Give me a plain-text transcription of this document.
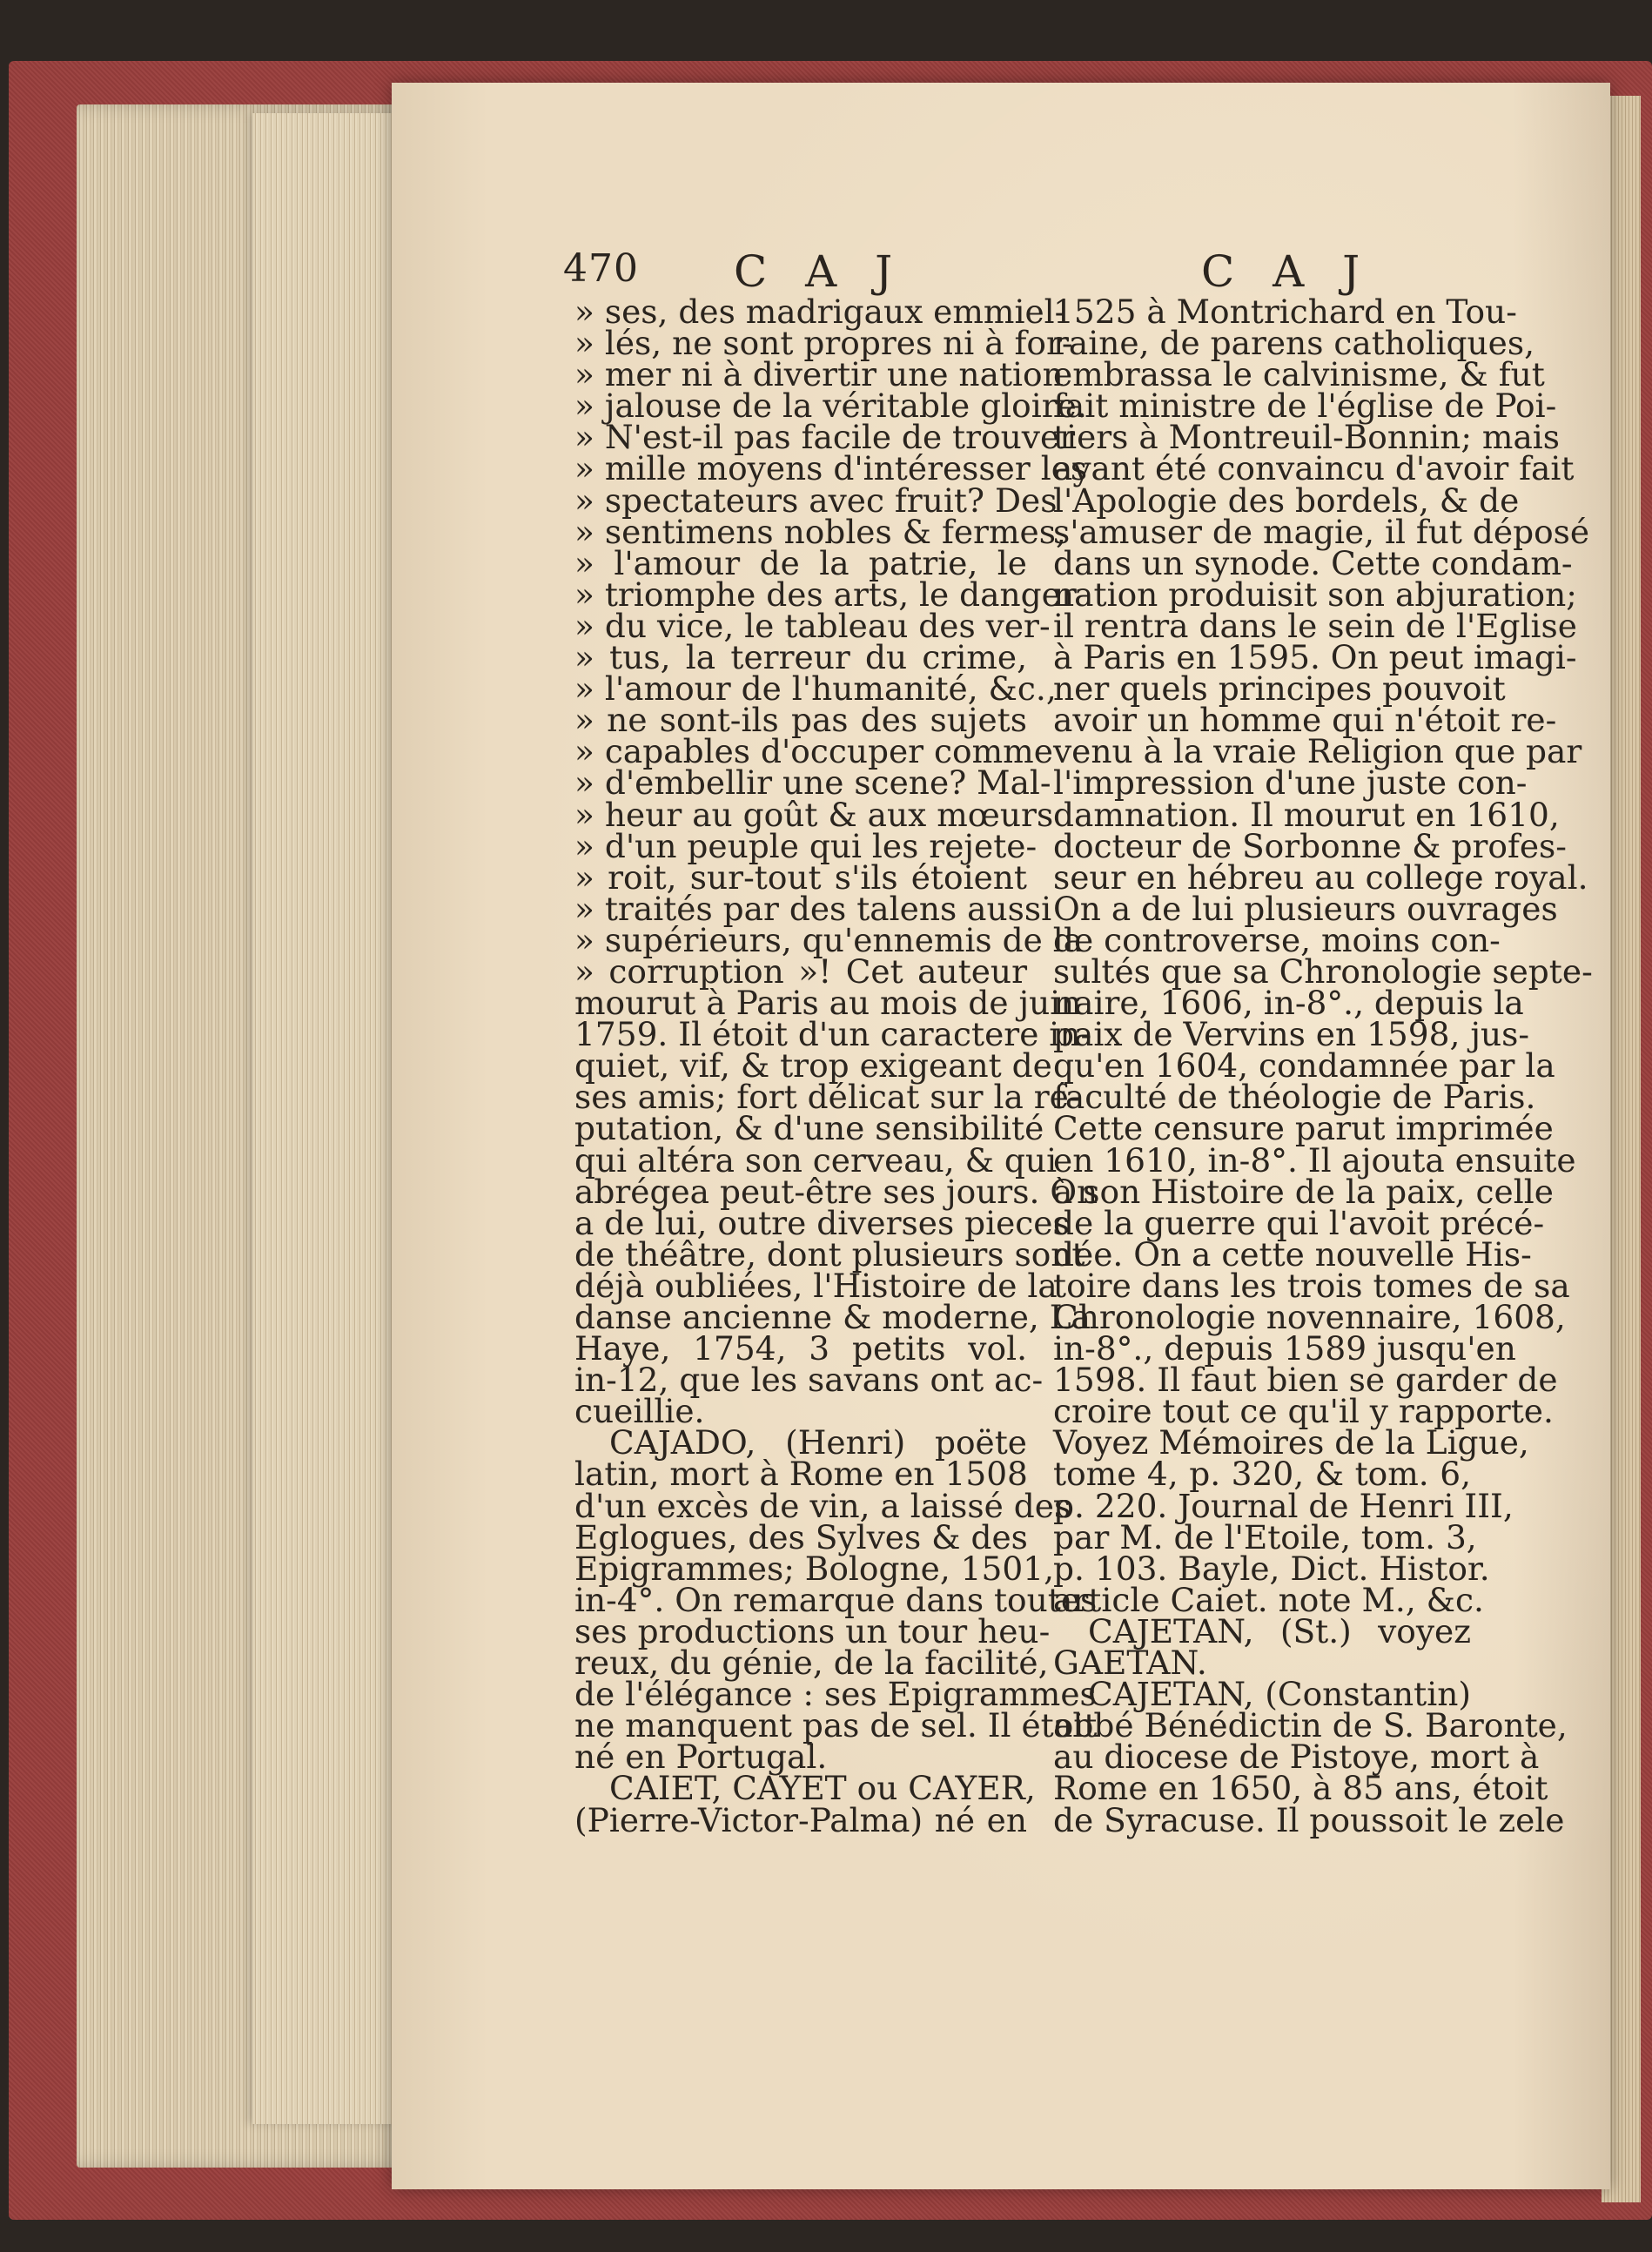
470 C A J	C A J
» ses, des madrigaux emmiel-
» lés, ne sont propres ni à for-
» mer ni à divertir une nation
» jalouse de la véritable gloire.
» N'est-il pas facile de trouver
» mille moyens d'intéresser les
» spectateurs avec fruit? Des
» sentimens nobles & fermes,
» l'amour de la patrie, le
» triomphe des arts, le danger
» du vice, le tableau des ver-
» tus, la terreur du crime,
» l'amour de l'humanité, &c.,
» ne sont-ils pas des sujets
» capables d'occuper comme
» d'embellir une scene? Mal-
» heur au goût & aux mœurs
» d'un peuple qui les rejete-
» roit, sur-tout s'ils étoient
» traités par des talens aussi
» supérieurs, qu'ennemis de la
» corruption »! Cet auteur
mourut à Paris au mois de juin
1759. Il étoit d'un caractere in-
quiet, vif, & trop exigeant de
ses amis; fort délicat sur la ré-
putation, & d'une sensibilité
qui altéra son cerveau, & qui
abrégea peut-être ses jours. On
a de lui, outre diverses pieces
de théâtre, dont plusieurs sont
déjà oubliées, l'Histoire de la
danse ancienne & moderne, La
Haye, 1754, 3 petits vol.
in-12, que les savans ont ac-
cueillie.
CAJADO, (Henri) poëte
latin, mort à Rome en 1508
d'un excès de vin, a laissé des
Eglogues, des Sylves & des
Epigrammes; Bologne, 1501,
in-4°. On remarque dans toutes
ses productions un tour heu-
reux, du génie, de la facilité,
de l'élégance : ses Epigrammes
ne manquent pas de sel. Il étoit
né en Portugal.
CAIET, CAYET ou CAYER,
(Pierre-Victor-Palma) né en
1525 à Montrichard en Tou-
raine, de parens catholiques,
embrassa le calvinisme, & fut
fait ministre de l'église de Poi-
tiers à Montreuil-Bonnin; mais
ayant été convaincu d'avoir fait
l'Apologie des bordels, & de
s'amuser de magie, il fut déposé
dans un synode. Cette condam-
nation produisit son abjuration;
il rentra dans le sein de l'Eglise
à Paris en 1595. On peut imagi-
ner quels principes pouvoit
avoir un homme qui n'étoit re-
venu à la vraie Religion que par
l'impression d'une juste con-
damnation. Il mourut en 1610,
docteur de Sorbonne & profes-
seur en hébreu au college royal.
On a de lui plusieurs ouvrages
de controverse, moins con-
sultés que sa Chronologie septe-
naire, 1606, in-8°., depuis la
paix de Vervins en 1598, jus-
qu'en 1604, condamnée par la
faculté de théologie de Paris.
Cette censure parut imprimée
en 1610, in-8°. Il ajouta ensuite
à son Histoire de la paix, celle
de la guerre qui l'avoit précé-
dée. On a cette nouvelle His-
toire dans les trois tomes de sa
Chronologie novennaire, 1608,
in-8°., depuis 1589 jusqu'en
1598. Il faut bien se garder de
croire tout ce qu'il y rapporte.
Voyez Mémoires de la Ligue,
tome 4, p. 320, & tom. 6,
p. 220. Journal de Henri III,
par M. de l'Etoile, tom. 3,
p. 103. Bayle, Dict. Histor.
article Caiet. note M., &c.
CAJETAN, (St.) voyez
GAETAN.
CAJETAN, (Constantin)
abbé Bénédictin de S. Baronte,
au diocese de Pistoye, mort à
Rome en 1650, à 85 ans, étoit
de Syracuse. Il poussoit le zele
